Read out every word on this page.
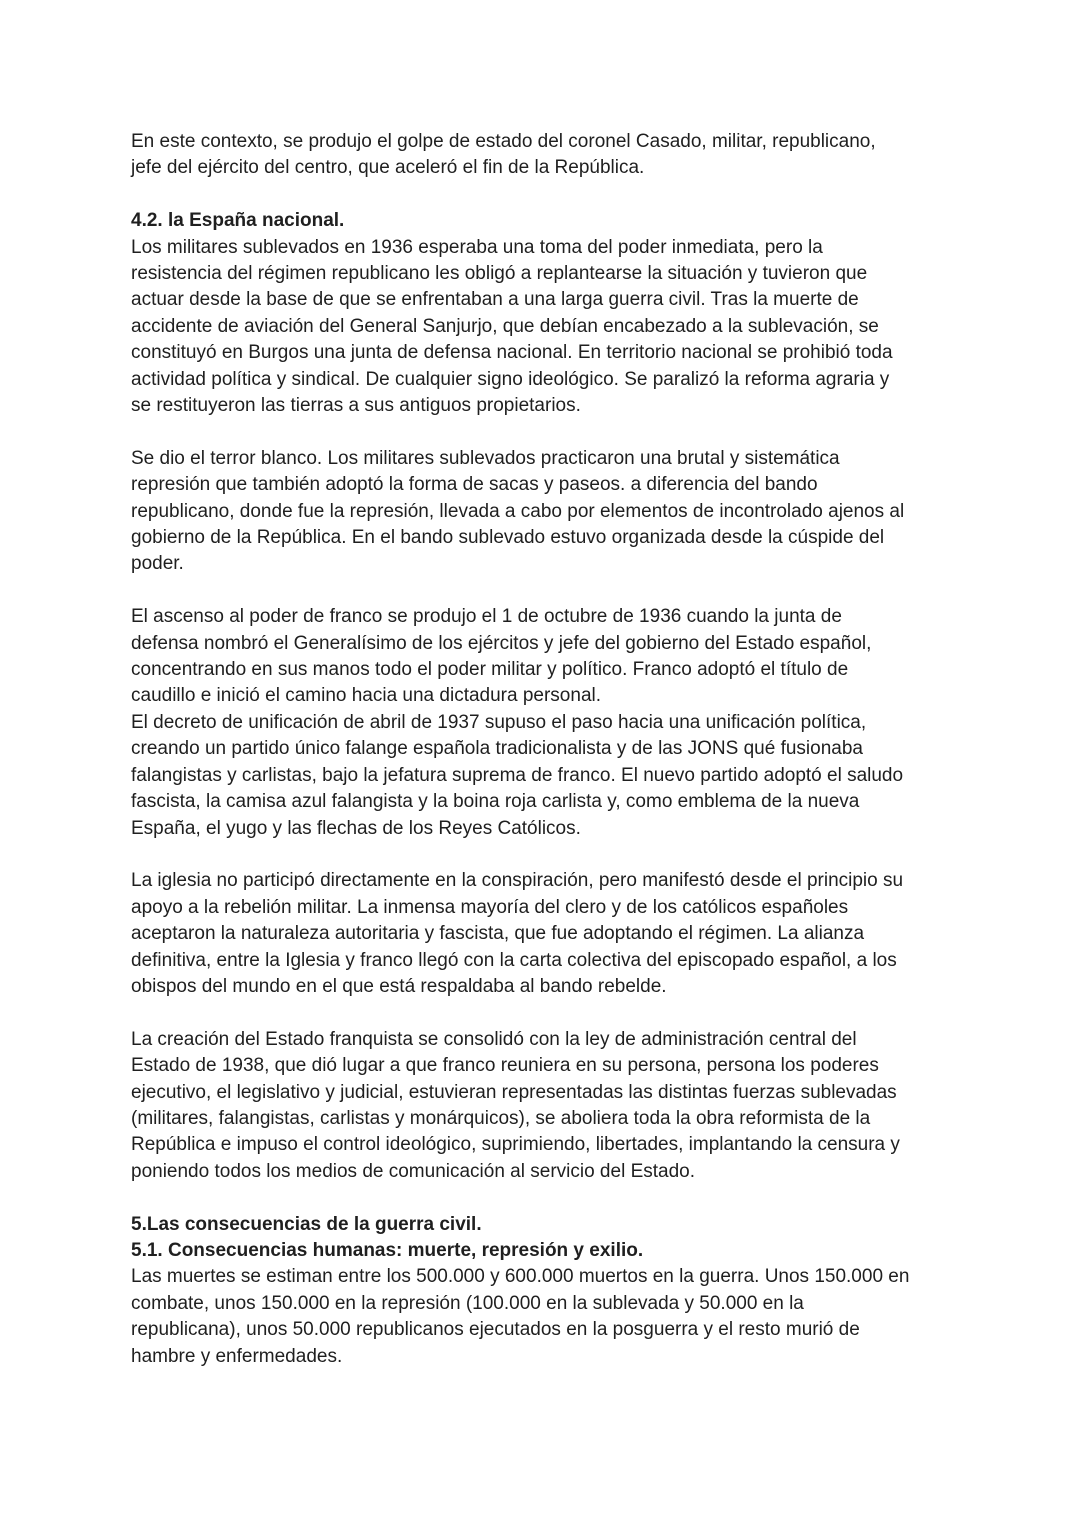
En este contexto, se produjo el golpe de estado del coronel Casado, militar, republicano,
jefe del ejército del centro, que aceleró el fin de la República.

4.2. la España nacional.

Los militares sublevados en 1936 esperaba una toma del poder inmediata, pero la
resistencia del régimen republicano les obligó a replantearse la situación y tuvieron que
actuar desde la base de que se enfrentaban a una larga guerra civil. Tras la muerte de
accidente de aviación del General Sanjurjo, que debían encabezado a la sublevación, se
constituyó en Burgos una junta de defensa nacional. En territorio nacional se prohibió toda
actividad política y sindical. De cualquier signo ideológico. Se paralizó la reforma agraria y
se restituyeron las tierras a sus antiguos propietarios.

Se dio el terror blanco. Los militares sublevados practicaron una brutal y sistemática
represión que también adoptó la forma de sacas y paseos. a diferencia del bando
republicano, donde fue la represión, llevada a cabo por elementos de incontrolado ajenos al
gobierno de la República. En el bando sublevado estuvo organizada desde la cúspide del
poder.

El ascenso al poder de franco se produjo el 1 de octubre de 1936 cuando la junta de
defensa nombró el Generalísimo de los ejércitos y jefe del gobierno del Estado español,
concentrando en sus manos todo el poder militar y político. Franco adoptó el título de
caudillo e inició el camino hacia una dictadura personal.

El decreto de unificación de abril de 1937 supuso el paso hacia una unificación política,
creando un partido único falange española tradicionalista y de las JONS qué fusionaba
falangistas y carlistas, bajo la jefatura suprema de franco. El nuevo partido adoptó el saludo
fascista, la camisa azul falangista y la boina roja carlista y, como emblema de la nueva
España, el yugo y las flechas de los Reyes Católicos.

La iglesia no participó directamente en la conspiración, pero manifestó desde el principio su
apoyo a la rebelión militar. La inmensa mayoría del clero y de los católicos españoles
aceptaron la naturaleza autoritaria y fascista, que fue adoptando el régimen. La alianza
definitiva, entre la Iglesia y franco llegó con la carta colectiva del episcopado español, a los
obispos del mundo en el que está respaldaba al bando rebelde.

La creación del Estado franquista se consolidó con la ley de administración central del
Estado de 1938, que dió lugar a que franco reuniera en su persona, persona los poderes
ejecutivo, el legislativo y judicial, estuvieran representadas las distintas fuerzas sublevadas
(militares, falangistas, carlistas y monárquicos), se aboliera toda la obra reformista de la
República e impuso el control ideológico, suprimiendo, libertades, implantando la censura y
poniendo todos los medios de comunicación al servicio del Estado.

5.Las consecuencias de la guerra civil.

5.1. Consecuencias humanas: muerte, represión y exilio.

Las muertes se estiman entre los 500.000 y 600.000 muertos en la guerra. Unos 150.000 en
combate, unos 150.000 en la represión (100.000 en la sublevada y 50.000 en la
republicana), unos 50.000 republicanos ejecutados en la posguerra y el resto murió de
hambre y enfermedades.
